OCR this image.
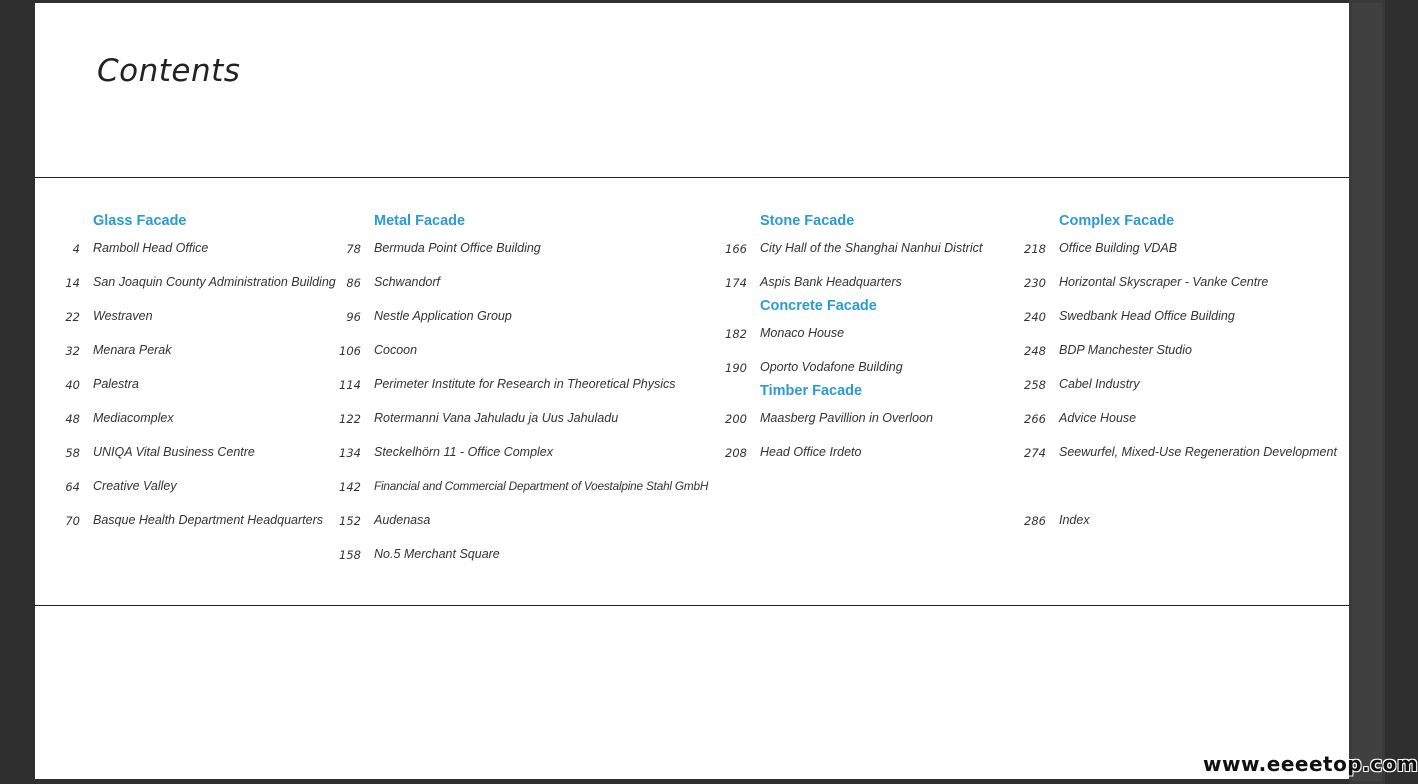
Contents
Glass Facade
4 Ramboll Head Office
14 San Joaquin County Administration Building
22 Westraven
32 Menara Perak
40 Palestra
48 Mediacomplex
58 UNIQA Vital Business Centre
64 Creative Valley
70 Basque Health Department Headquarters
Metal Facade
78 Bermuda Point Office Building
86 Schwandorf
96 Nestle Application Group
106 Cocoon
114 Perimeter Institute for Research in Theoretical Physics
122 Rotermanni Vana Jahuladu ja Uus Jahuladu
134 Steckelhörn 11 - Office Complex
142 Financial and Commercial Department of Voestalpine Stahl GmbH
152 Audenasa
158 No.5 Merchant Square
Stone Facade
166 City Hall of the Shanghai Nanhui District
174 Aspis Bank Headquarters
Concrete Facade
182 Monaco House
190 Oporto Vodafone Building
Timber Facade
200 Maasberg Pavillion in Overloon
208 Head Office Irdeto
Complex Facade
218 Office Building VDAB
230 Horizontal Skyscraper - Vanke Centre
240 Swedbank Head Office Building
248 BDP Manchester Studio
258 Cabel Industry
266 Advice House
274 Seewurfel, Mixed-Use Regeneration Development
286 Index
www.eeeetop.com
